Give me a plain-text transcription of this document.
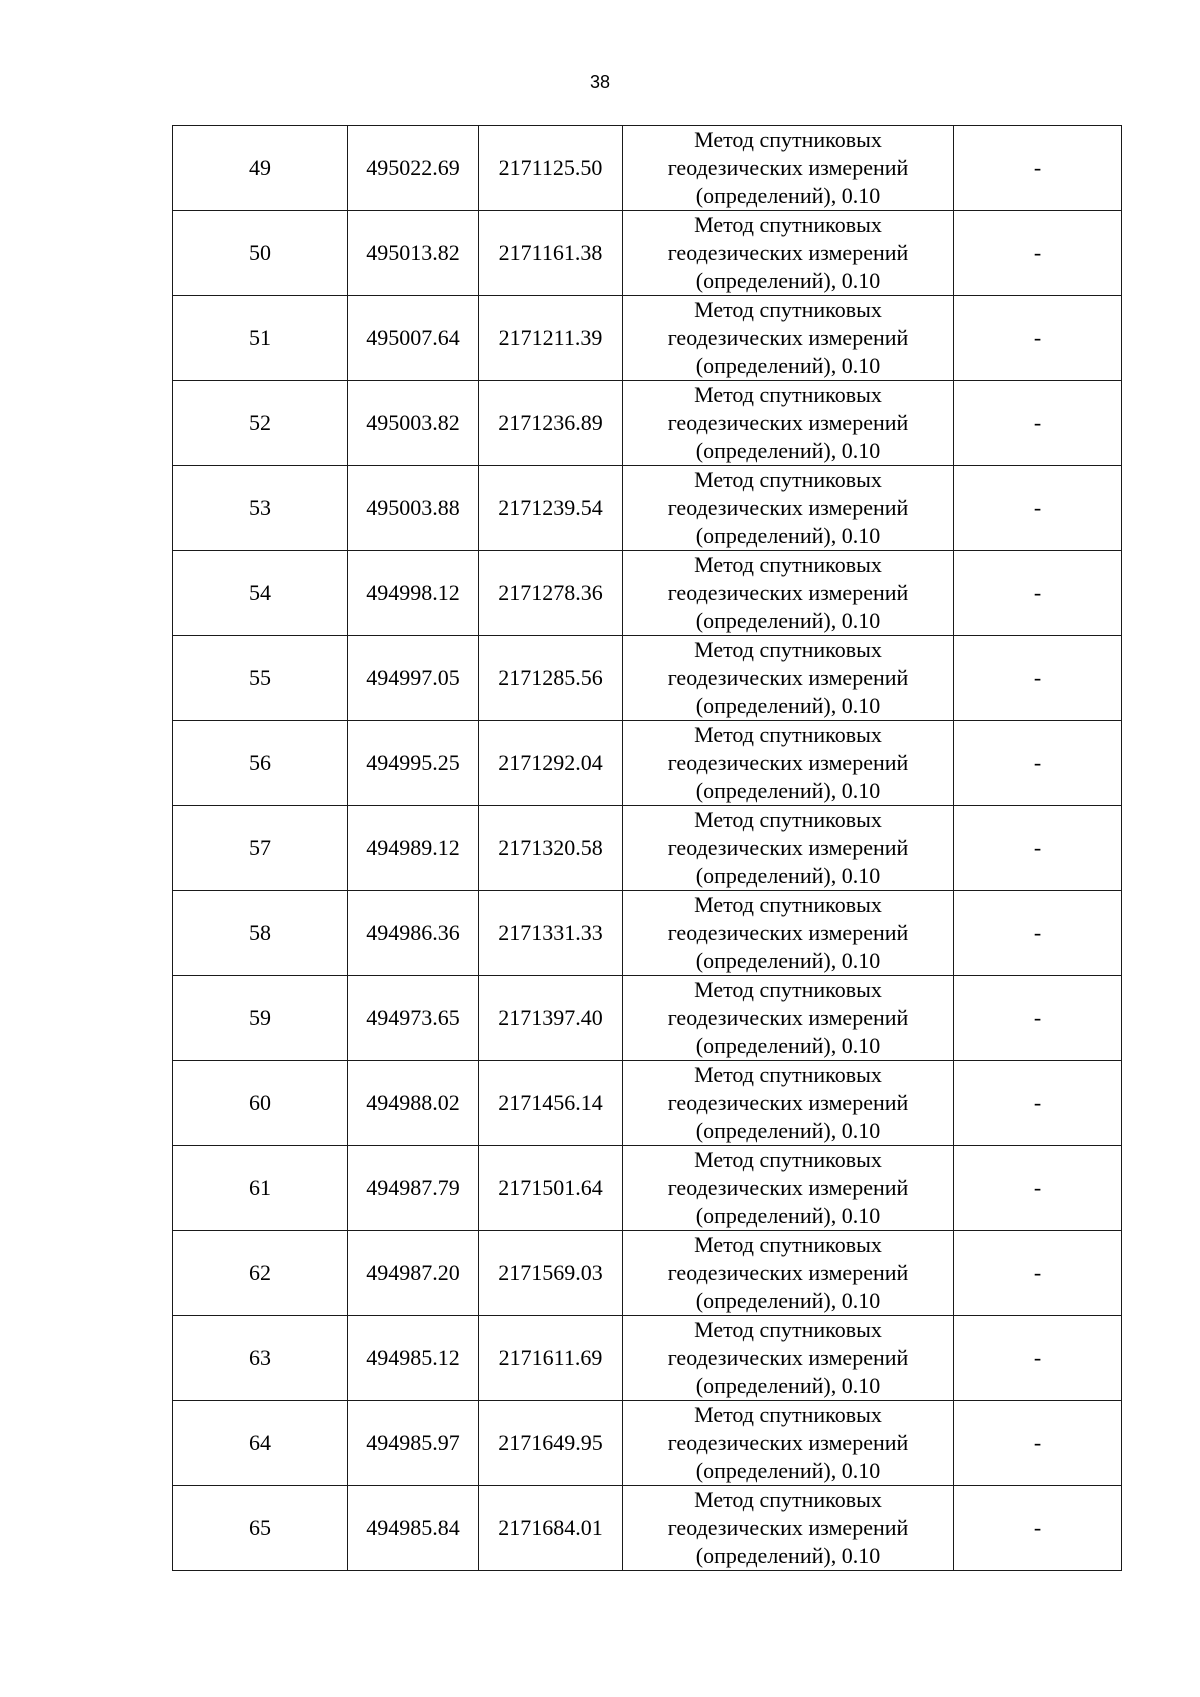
38
49	495022.69	2171125.50	Метод спутниковых
геодезических измерений
(определений), 0.10	-
50	495013.82	2171161.38	Метод спутниковых
геодезических измерений
(определений), 0.10	-
51	495007.64	2171211.39	Метод спутниковых
геодезических измерений
(определений), 0.10	-
52	495003.82	2171236.89	Метод спутниковых
геодезических измерений
(определений), 0.10	-
53	495003.88	2171239.54	Метод спутниковых
геодезических измерений
(определений), 0.10	-
54	494998.12	2171278.36	Метод спутниковых
геодезических измерений
(определений), 0.10	-
55	494997.05	2171285.56	Метод спутниковых
геодезических измерений
(определений), 0.10	-
56	494995.25	2171292.04	Метод спутниковых
геодезических измерений
(определений), 0.10	-
57	494989.12	2171320.58	Метод спутниковых
геодезических измерений
(определений), 0.10	-
58	494986.36	2171331.33	Метод спутниковых
геодезических измерений
(определений), 0.10	-
59	494973.65	2171397.40	Метод спутниковых
геодезических измерений
(определений), 0.10	-
60	494988.02	2171456.14	Метод спутниковых
геодезических измерений
(определений), 0.10	-
61	494987.79	2171501.64	Метод спутниковых
геодезических измерений
(определений), 0.10	-
62	494987.20	2171569.03	Метод спутниковых
геодезических измерений
(определений), 0.10	-
63	494985.12	2171611.69	Метод спутниковых
геодезических измерений
(определений), 0.10	-
64	494985.97	2171649.95	Метод спутниковых
геодезических измерений
(определений), 0.10	-
65	494985.84	2171684.01	Метод спутниковых
геодезических измерений
(определений), 0.10	-
